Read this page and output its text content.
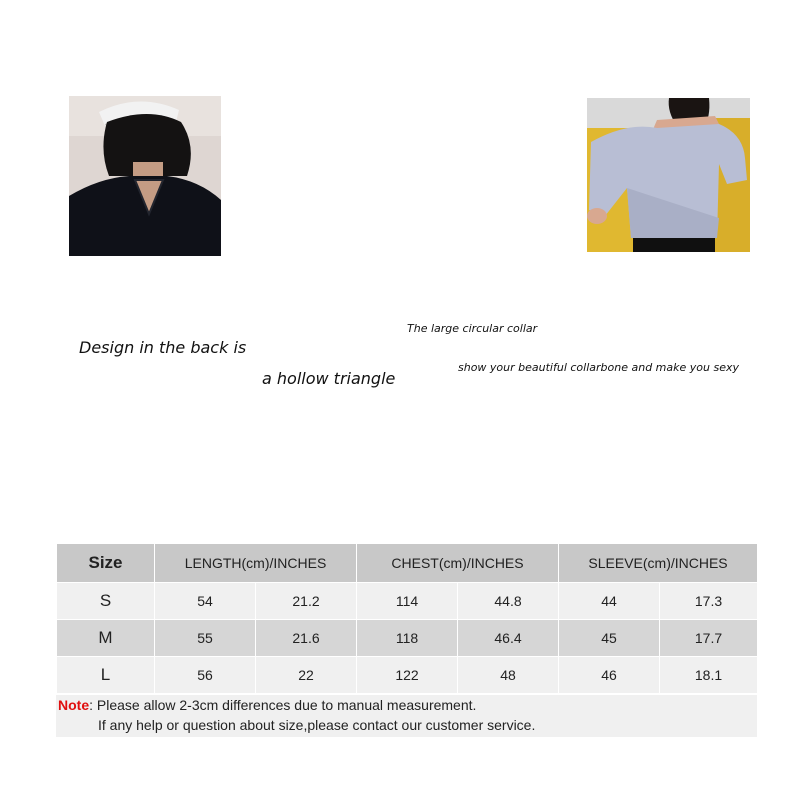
Design in the back is
a hollow triangle
The large circular collar
show your beautiful collarbone and make you sexy
Size	LENGTH(cm)/INCHES		CHEST(cm)/INCHES		SLEEVE(cm)/INCHES	
S	54	21.2	114	44.8	44	17.3
M	55	21.6	118	46.4	45	17.7
L	56	22	122	48	46	18.1
Note: Please allow 2-3cm differences due to manual measurement.
If any help or question about size,please contact our customer service.
